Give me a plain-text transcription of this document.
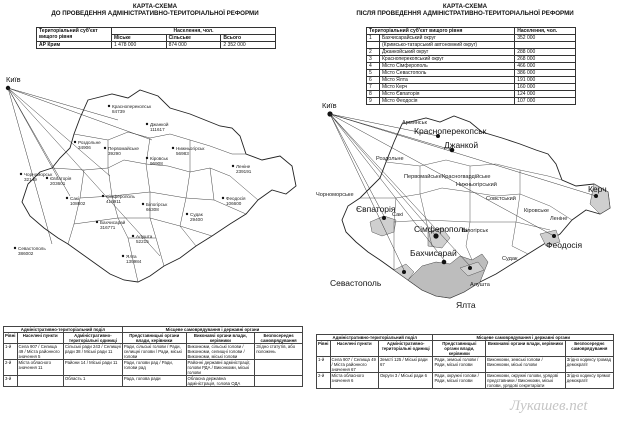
КАРТА-СХЕМА
ДО ПРОВЕДЕННЯ АДМІНІСТРАТИВНО-ТЕРИТОРІАЛЬНОЇ РЕФОРМИ
Територіальний суб'єкт вищого рівня	Населення, чол.		
	Міське	Сільське	Всього
АР Крим	1 478 000	874 000	2 352 000
Київ
Красноперекопськ
84739
Роздольне
34906	Первомайське
39290
Джанкой
111617
Нижньогірськ
56983
Кіровськ
96908
Ленінe
239191
Чорноморськ
32149	Євпаторія
203601
Сакі
108802
Сімферополь
416911
Білогірськ
66308
Судак
29400
Феодосія
106600
Бахчисарай
316771
Алушта
52215
Севастополь
386002
Ялта
139984
Адміністративно-територіальний поділ			Місцеве самоврядування і державні органи		
Рівні	Населені пункти	Адміністративно-територіальні одиниці	Представницькі органи влади, керівники	Виконавчі органи влади, керівники	Безпосереднє самоврядування
1-й	Села 907 / Селища 49 / Міста районного значення 5	Сільські ради 243 / Селищні ради 38 / Міські ради 11	Ради, сільські голови / Ради, селищні голови / Ради, міські голови	Виконкоми, сільські голови / Виконкоми, селищні голови / Виконкоми, міські голови	Згідно статутів, або положень
2-й	Міста обласного значення 11	Райони 14 / Міські ради 11	Ради, голови рад / Ради, голови рад	Районні державні адміністрації, голови РДА / Виконкоми, міські голови	
3-й		Область 1	Рада, голова ради	Обласна державна адміністрація, голова ОДА	
КАРТА-СХЕМА
ПІСЛЯ ПРОВЕДЕННЯ АДМІНІСТРАТИВНО-ТЕРИТОРІАЛЬНОЇ РЕФОРМИ
Територіальний суб'єкт вищого рівня		Населення, чол.
1	Бахчисарайський округ	352 000
	(Кримсько-татарський автономний округ)	
2	Джанкойський округ	288 000
3	Красноперекопський округ	268 000
4	Місто Сімферополь	466 000
5	Місто Севастополь	386 000
6	Місто Ялта	191 000
7	Місто Керч	160 000
8	Місто Євпаторія	124 000
9	Місто Феодосія	107 000
Київ
Красноперекопськ
Джанкой
Євпаторія
Сімферополь
Бахчисарай
Севастополь
Ялта
Феодосія
Керч
Армянськ
Роздольне
Первомайське Красногвардійське
Нижньогірський
Совєтський
Кіровське
Ленінe
Чорноморське
Сакі
Білогірськ
Судак
Алушта
Адміністративно-територіальний поділ			Місцеве самоврядування і державні органи		
Рівні	Населені пункти	Адміністративно-територіальні одиниці	Представницькі органи влади, керівники	Виконавчі органи влади, керівники	Безпосереднє самоврядування
1-й	Села 907 / Селища 49 / Міста районного значення 67	Земсті 125 / Міські ради 67	Ради, земські голови / Ради, міські голови	Виконкоми, земські голови / Виконкоми, міські голови	Згідно кодексу громад демократії
2-й	Міста обласного значення 6	Округи 3 / Міські ради 6	Ради, окружні голови / Ради, міські голови	Виконкоми, окружні голови, урядові представники / Виконкоми, міські голови, урядові секретаріати	Згідно кодексу прямої демократії
Лукашев.net
